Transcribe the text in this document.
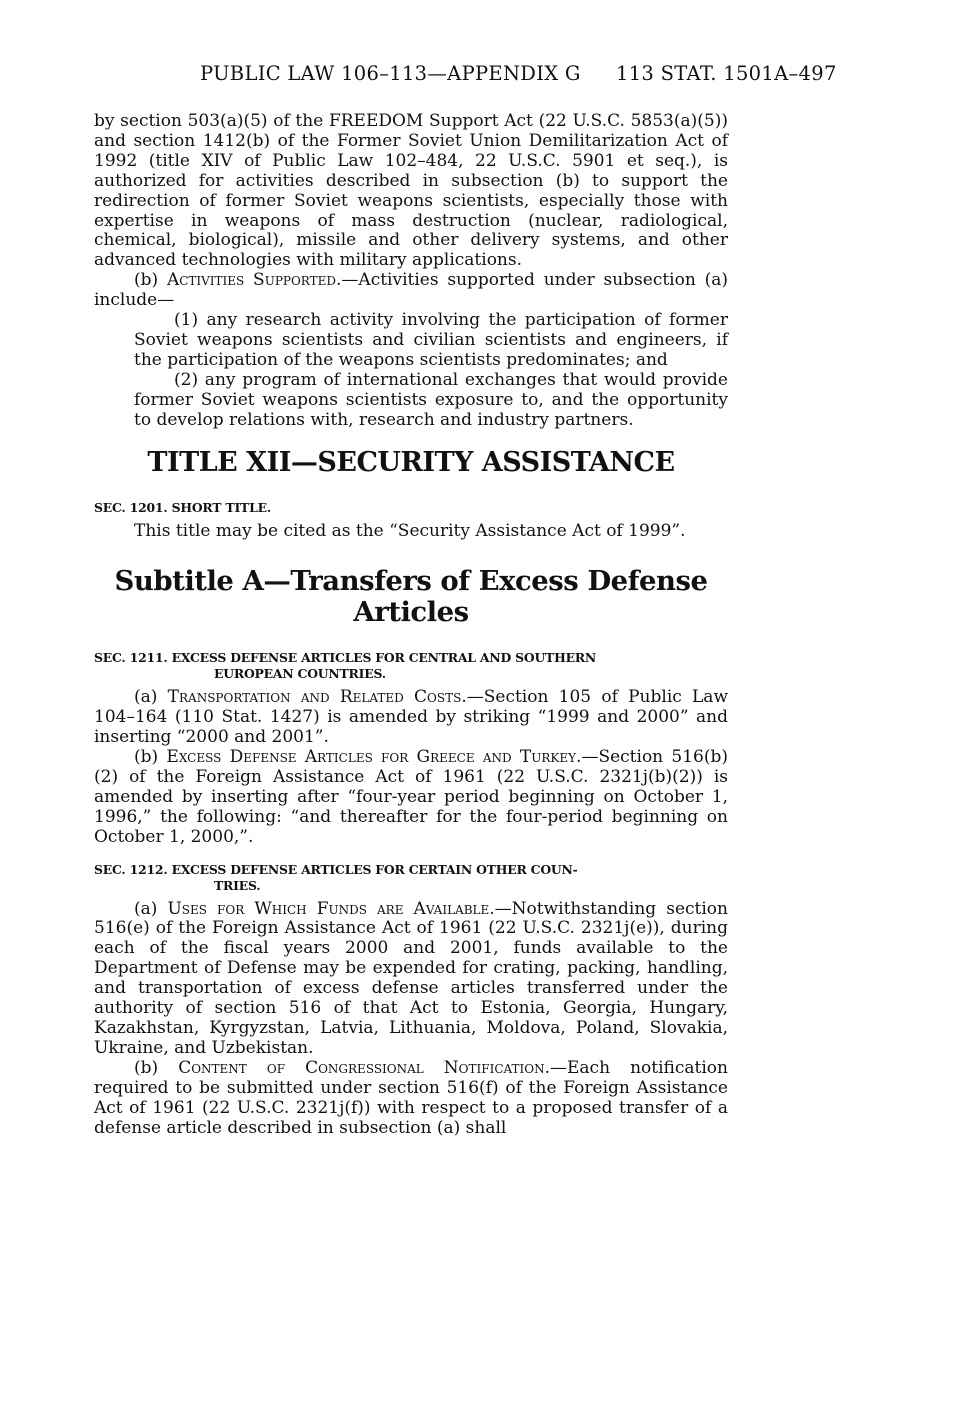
PUBLIC LAW 106–113—APPENDIX G 113 STAT. 1501A–497

by section 503(a)(5) of the FREEDOM Support Act (22 U.S.C. 5853(a)(5)) and section 1412(b) of the Former Soviet Union Demilitarization Act of 1992 (title XIV of Public Law 102–484, 22 U.S.C. 5901 et seq.), is authorized for activities described in subsection (b) to support the redirection of former Soviet weapons scientists, especially those with expertise in weapons of mass destruction (nuclear, radiological, chemical, biological), missile and other delivery systems, and other advanced technologies with military applications.

(b) Activities Supported.—Activities supported under subsection (a) include—

(1) any research activity involving the participation of former Soviet weapons scientists and civilian scientists and engineers, if the participation of the weapons scientists predominates; and

(2) any program of international exchanges that would provide former Soviet weapons scientists exposure to, and the opportunity to develop relations with, research and industry partners.

TITLE XII—SECURITY ASSISTANCE
SEC. 1201. SHORT TITLE.

This title may be cited as the “Security Assistance Act of 1999”.

Subtitle A—Transfers of Excess Defense
Articles
SEC. 1211. EXCESS DEFENSE ARTICLES FOR CENTRAL AND SOUTHERN
EUROPEAN COUNTRIES.

(a) Transportation and Related Costs.—Section 105 of Public Law 104–164 (110 Stat. 1427) is amended by striking “1999 and 2000” and inserting “2000 and 2001”.

(b) Excess Defense Articles for Greece and Turkey.—Section 516(b)(2) of the Foreign Assistance Act of 1961 (22 U.S.C. 2321j(b)(2)) is amended by inserting after “four-year period beginning on October 1, 1996,” the following: “and thereafter for the four-period beginning on October 1, 2000,”.

SEC. 1212. EXCESS DEFENSE ARTICLES FOR CERTAIN OTHER COUN-
TRIES.

(a) Uses for Which Funds are Available.—Notwithstanding section 516(e) of the Foreign Assistance Act of 1961 (22 U.S.C. 2321j(e)), during each of the fiscal years 2000 and 2001, funds available to the Department of Defense may be expended for crating, packing, handling, and transportation of excess defense articles transferred under the authority of section 516 of that Act to Estonia, Georgia, Hungary, Kazakhstan, Kyrgyzstan, Latvia, Lithuania, Moldova, Poland, Slovakia, Ukraine, and Uzbekistan.

(b) Content of Congressional Notification.—Each notification required to be submitted under section 516(f) of the Foreign Assistance Act of 1961 (22 U.S.C. 2321j(f)) with respect to a proposed transfer of a defense article described in subsection (a) shall
